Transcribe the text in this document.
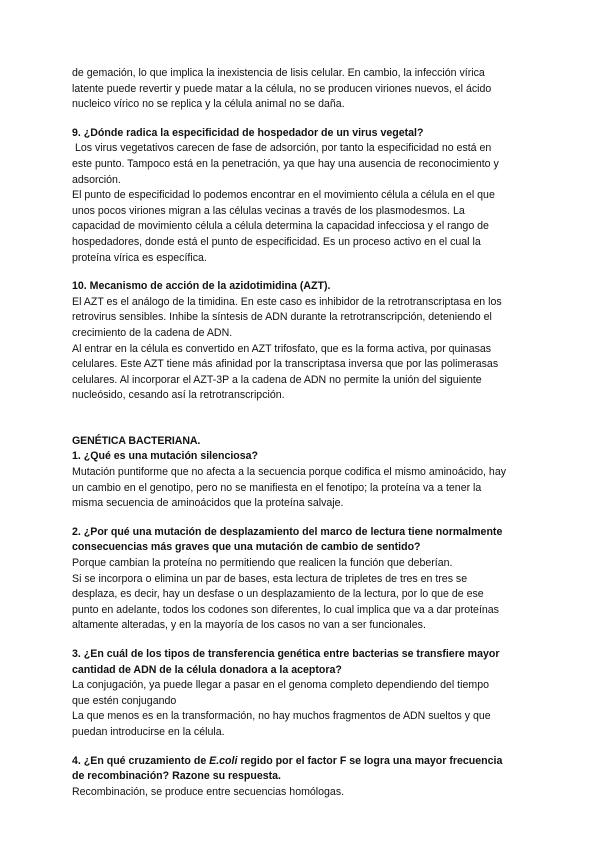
de gemación, lo que implica la inexistencia de lisis celular. En cambio, la infección vírica

latente puede revertir y puede matar a la célula, no se producen viriones nuevos, el ácido

nucleico vírico no se replica y la célula animal no se daña.

9. ¿Dónde radica la especificidad de hospedador de un virus vegetal?

Los virus vegetativos carecen de fase de adsorción, por tanto la especificidad no está en

este punto. Tampoco está en la penetración, ya que hay una ausencia de reconocimiento y

adsorción.

El punto de especificidad lo podemos encontrar en el movimiento célula a célula en el que

unos pocos viriones migran a las células vecinas a través de los plasmodesmos. La

capacidad de movimiento célula a célula determina la capacidad infecciosa y el rango de

hospedadores, donde está el punto de especificidad. Es un proceso activo en el cual la

proteína vírica es específica.

10. Mecanismo de acción de la azidotimidina (AZT).

El AZT es el análogo de la timidina. En este caso es inhibidor de la retrotranscriptasa en los

retrovirus sensibles. Inhibe la síntesis de ADN durante la retrotranscripción, deteniendo el

crecimiento de la cadena de ADN.

Al entrar en la célula es convertido en AZT trifosfato, que es la forma activa, por quinasas

celulares. Este AZT tiene más afinidad por la transcriptasa inversa que por las polimerasas

celulares. Al incorporar el AZT-3P a la cadena de ADN no permite la unión del siguiente

nucleósido, cesando así la retrotranscripción.

GENÉTICA BACTERIANA.

1. ¿Qué es una mutación silenciosa?

Mutación puntiforme que no afecta a la secuencia porque codifica el mismo aminoácido, hay

un cambio en el genotipo, pero no se manifiesta en el fenotipo; la proteína va a tener la

misma secuencia de aminoácidos que la proteína salvaje.

2. ¿Por qué una mutación de desplazamiento del marco de lectura tiene normalmente

consecuencias más graves que una mutación de cambio de sentido?

Porque cambian la proteína no permitiendo que realicen la función que deberían.

Si se incorpora o elimina un par de bases, esta lectura de tripletes de tres en tres se

desplaza, es decir, hay un desfase o un desplazamiento de la lectura, por lo que de ese

punto en adelante, todos los codones son diferentes, lo cual implica que va a dar proteínas

altamente alteradas, y en la mayoría de los casos no van a ser funcionales.

3. ¿En cuál de los tipos de transferencia genética entre bacterias se transfiere mayor

cantidad de ADN de la célula donadora a la aceptora?

La conjugación, ya puede llegar a pasar en el genoma completo dependiendo del tiempo

que estén conjugando

La que menos es en la transformación, no hay muchos fragmentos de ADN sueltos y que

puedan introducirse en la célula.

4. ¿En qué cruzamiento de E.coli regido por el factor F se logra una mayor frecuencia

de recombinación? Razone su respuesta.

Recombinación, se produce entre secuencias homólogas.
